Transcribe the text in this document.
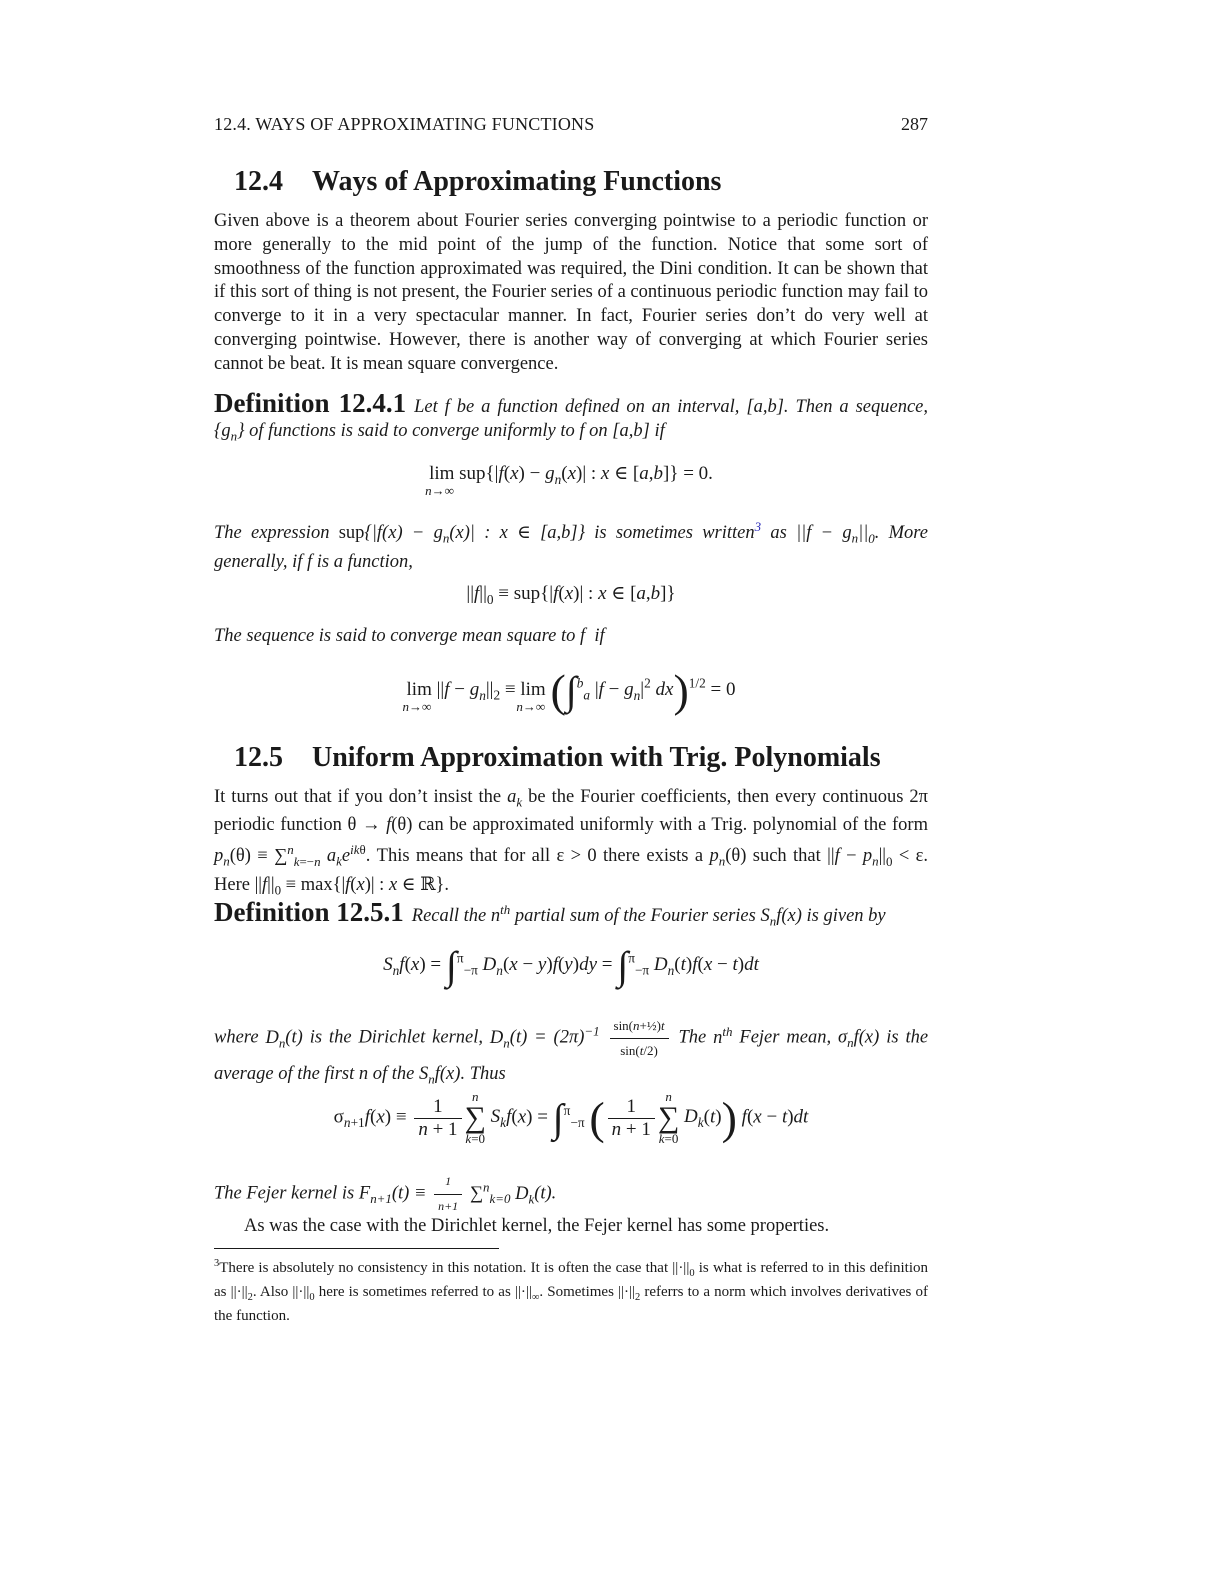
12.4. WAYS OF APPROXIMATING FUNCTIONS	287
12.4 Ways of Approximating Functions
Given above is a theorem about Fourier series converging pointwise to a periodic function or more generally to the mid point of the jump of the function. Notice that some sort of smoothness of the function approximated was required, the Dini condition. It can be shown that if this sort of thing is not present, the Fourier series of a continuous periodic function may fail to converge to it in a very spectacular manner. In fact, Fourier series don’t do very well at converging pointwise. However, there is another way of converging at which Fourier series cannot be beat. It is mean square convergence.
Definition 12.4.1 Let f be a function defined on an interval, [a,b]. Then a sequence, $\{g_n\}$ of functions is said to converge uniformly to f on [a,b] if
lim
n→∞
$sup\{|f(x) - g_n(x)|$ : x ∈ [a,b]} = 0.
The expression $sup\{|f(x) - g_n(x)|$ : x ∈ [a,b]} is sometimes written$^3$ as $||f - g_n||_0$. More generally, if f is a function,
$||f||_0 \equiv sup\{|f(x)|$ : x ∈ [a,b]}
The sequence is said to converge mean square to f if
lim
n→∞
$||f - g_n||_2 \equiv \lim$
n→∞ (∫$^b_a$ $|f - g_n|^2$ dx)$^{1/2}$ = 0
12.5 Uniform Approximation with Trig. Polynomials
It turns out that if you don’t insist the $a_k$ be the Fourier coefficients, then every continuous 2π periodic function θ → f(θ) can be approximated uniformly with a Trig. polynomial of the form $p_n(\theta) \equiv \sum^n_{k=-n}$ $a_ke^{ik\theta}$. This means that for all ε > 0 there exists a $p_n(\theta)$ such that $||f - p_n||_0 < \varepsilon$. Here $||f||_0 \equiv \max\{|f(x)|$ : x ∈ ℝ}.
Definition 12.5.1 Recall the $n^{th}$ partial sum of the Fourier series $S_nf(x)$ is given by
$S_nf(x) = \int^\pi_{-\pi}$ $D_n(x - y)f(y)dy = \int^\pi_{-\pi}$ $D_n(t)f(x - t)dt$
where $D_n(t)$ is the Dirichlet kernel, $D_n(t) = (2\pi)^{-1} \frac{\text{sin(n+½)t}}{\sin(t/2)}$ The $n^{th}$ Fejer mean, $\sigma_nf(x)$ is the average of the first n of the $S_nf(x)$. Thus
$\sigma_{n+1}f(x) \equiv \frac{1}{n + 1}$ n
∑
k=0 $S_kf(x) = \int^\pi_{-\pi}$ ( $\frac{1}{n + 1}$ n
∑
k=0 $D_k(t)$) f(x − t)dt
The Fejer kernel is $F_{n+1}(t) \equiv \frac{1}{n+1} \sum^n_{k=0}$ $D_k(t)$.
As was the case with the Dirichlet kernel, the Fejer kernel has some properties.
$^3$There is absolutely no consistency in this notation. It is often the case that $||\cdot||_0$ is what is referred to in this definition as $||\cdot||_2$. Also $||\cdot||_0$ here is sometimes referred to as $||\cdot||_\infty$. Sometimes $||\cdot||_2$ referrs to a norm which involves derivatives of the function.
